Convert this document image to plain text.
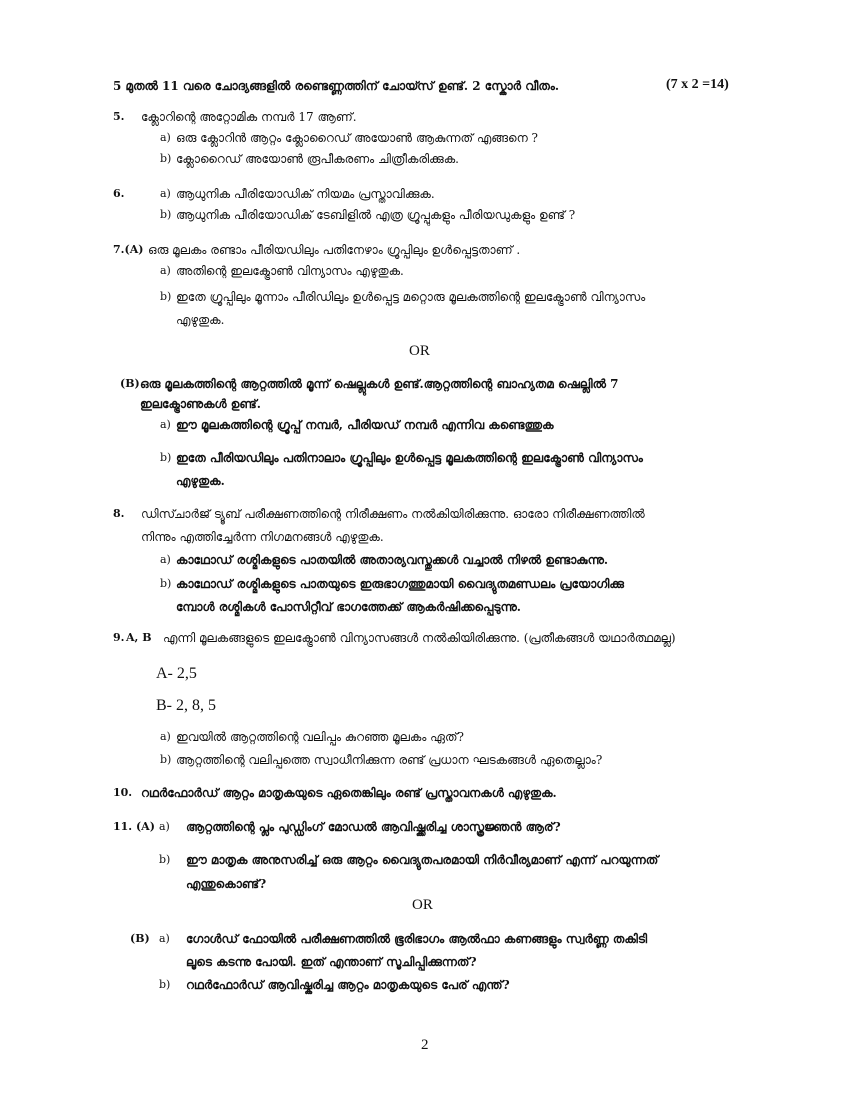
5 മുതൽ 11 വരെ ചോദ്യങ്ങളിൽ രണ്ടെണ്ണത്തിന് ചോയ്സ് ഉണ്ട്. 2 സ്കോർ വീതം.	(7 x 2 =14)
5. ക്ലോറിന്റെ അറ്റോമിക നമ്പർ 17 ആണ്.
a) ഒരു ക്ലോറിൻ ആറ്റം ക്ലോറൈഡ് അയോൺ ആകുന്നത് എങ്ങനെ ?
b) ക്ലോറൈഡ് അയോൺ രൂപീകരണം ചിത്രീകരിക്കുക.
6.	a) ആധുനിക പീരിയോഡിക് നിയമം പ്രസ്താവിക്കുക.
b) ആധുനിക പീരിയോഡിക് ടേബിളിൽ എത്ര ഗ്രൂപ്പുകളും പീരിയഡുകളും ഉണ്ട് ?
7.(A) ഒരു മൂലകം രണ്ടാം പീരിയഡിലും പതിനേഴാം ഗ്രൂപ്പിലും ഉൾപ്പെട്ടതാണ് .
a) അതിന്റെ ഇലക്ട്രോൺ വിന്യാസം എഴുതുക.
b) ഇതേ ഗ്രൂപ്പിലും മൂന്നാം പീരിഡിലും ഉൾപ്പെട്ട മറ്റൊരു മൂലകത്തിന്റെ ഇലക്ട്രോൺ വിന്യാസം
എഴുതുക.
OR
(B) ഒരു മൂലകത്തിന്റെ ആറ്റത്തിൽ മൂന്ന് ഷെല്ലുകൾ ഉണ്ട്.ആറ്റത്തിന്റെ ബാഹ്യതമ ഷെല്ലിൽ 7
ഇലക്ട്രോണുകൾ ഉണ്ട്.
a) ഈ മൂലകത്തിന്റെ ഗ്രൂപ്പ് നമ്പർ, പീരിയഡ് നമ്പർ എന്നിവ കണ്ടെത്തുക
b) ഇതേ പീരിയഡിലും പതിനാലാം ഗ്രൂപ്പിലും ഉൾപ്പെട്ട മൂലകത്തിന്റെ ഇലക്ട്രോൺ വിന്യാസം
എഴുതുക.
8. ഡിസ്ചാർജ് ട്യൂബ് പരീക്ഷണത്തിന്റെ നിരീക്ഷണം നൽകിയിരിക്കുന്നു. ഓരോ നിരീക്ഷണത്തിൽ
നിന്നും എത്തിച്ചേർന്ന നിഗമനങ്ങൾ എഴുതുക.
a) കാഥോഡ് രശ്മികളുടെ പാതയിൽ അതാര്യവസ്തുക്കൾ വച്ചാൽ നിഴൽ ഉണ്ടാകുന്നു.
b) കാഥോഡ് രശ്മികളുടെ പാതയുടെ ഇരുഭാഗത്തുമായി വൈദ്യുതമണ്ഡലം പ്രയോഗിക്കു
മ്പോൾ രശ്മികൾ പോസിറ്റീവ് ഭാഗത്തേക്ക് ആകർഷിക്കപ്പെടുന്നു.
9. A, B എന്നി മൂലകങ്ങളുടെ ഇലക്ട്രോൺ വിന്യാസങ്ങൾ നൽകിയിരിക്കുന്നു. (പ്രതീകങ്ങൾ യഥാർത്ഥമല്ല)
A- 2,5
B- 2, 8, 5
a) ഇവയിൽ ആറ്റത്തിന്റെ വലിപ്പം കുറഞ്ഞ മൂലകം ഏത്?
b) ആറ്റത്തിന്റെ വലിപ്പത്തെ സ്വാധീനിക്കുന്ന രണ്ട് പ്രധാന ഘടകങ്ങൾ ഏതെല്ലാം?
10. റഥർഫോർഡ് ആറ്റം മാതൃകയുടെ ഏതെങ്കിലും രണ്ട് പ്രസ്താവനകൾ എഴുതുക.
11. (A) a) ആറ്റത്തിന്റെ പ്ലം പുഡ്ഡിംഗ് മോഡൽ ആവിഷ്ക്കരിച്ച ശാസ്ത്രജ്ഞൻ ആര്?
b) ഈ മാതൃക അനുസരിച്ച് ഒരു ആറ്റം വൈദ്യുതപരമായി നിർവീര്യമാണ് എന്ന് പറയുന്നത്
എന്തുകൊണ്ട്?
OR
(B) a) ഗോൾഡ് ഫോയിൽ പരീക്ഷണത്തിൽ ഭൂരിഭാഗം ആൽഫാ കണങ്ങളും സ്വർണ്ണ തകിടി
ലൂടെ കടന്നു പോയി. ഇത് എന്താണ് സൂചിപ്പിക്കുന്നത്?
b) റഥർഫോർഡ് ആവിഷ്കരിച്ച ആറ്റം മാതൃകയുടെ പേര് എന്ത്?
2
